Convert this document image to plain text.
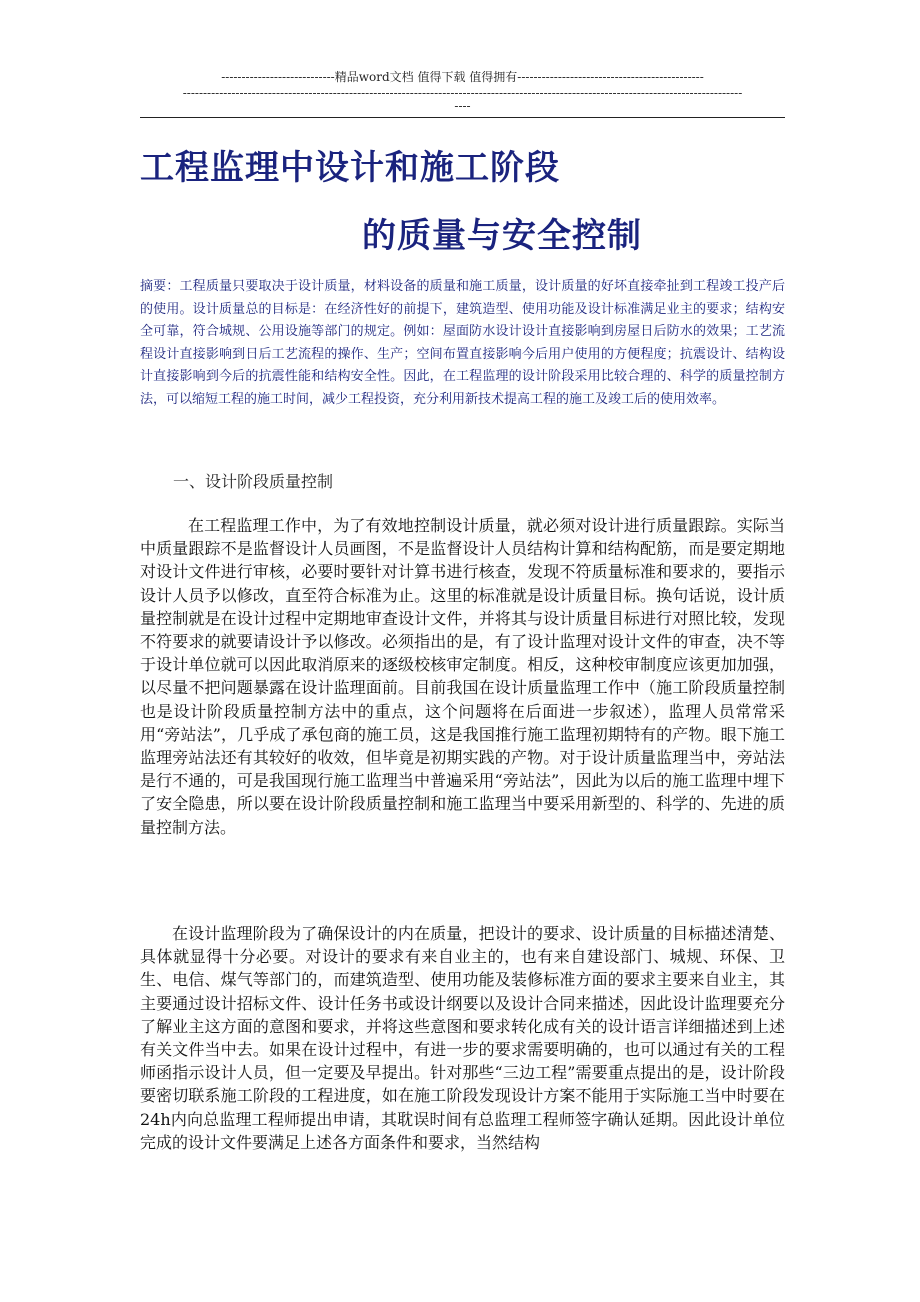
----------------------------精品word文档 值得下载 值得拥有----------------------------------------------
------------------------------------------------------------------------------------------------------------------------------------------
----
工程监理中设计和施工阶段
的质量与安全控制
摘要：工程质量只要取决于设计质量，材料设备的质量和施工质量，设计质量的好坏直接牵扯到工程竣工投产后的使用。设计质量总的目标是：在经济性好的前提下，建筑造型、使用功能及设计标准满足业主的要求；结构安全可靠，符合城规、公用设施等部门的规定。例如：屋面防水设计设计直接影响到房屋日后防水的效果；工艺流程设计直接影响到日后工艺流程的操作、生产；空间布置直接影响今后用户使用的方便程度；抗震设计、结构设计直接影响到今后的抗震性能和结构安全性。因此，在工程监理的设计阶段采用比较合理的、科学的质量控制方法，可以缩短工程的施工时间，减少工程投资，充分利用新技术提高工程的施工及竣工后的使用效率。
一、设计阶段质量控制
在工程监理工作中，为了有效地控制设计质量，就必须对设计进行质量跟踪。实际当中质量跟踪不是监督设计人员画图，不是监督设计人员结构计算和结构配筋，而是要定期地对设计文件进行审核，必要时要针对计算书进行核查，发现不符质量标准和要求的，要指示设计人员予以修改，直至符合标准为止。这里的标准就是设计质量目标。换句话说，设计质量控制就是在设计过程中定期地审查设计文件，并将其与设计质量目标进行对照比较，发现不符要求的就要请设计予以修改。必须指出的是，有了设计监理对设计文件的审查，决不等于设计单位就可以因此取消原来的逐级校核审定制度。相反，这种校审制度应该更加加强，以尽量不把问题暴露在设计监理面前。目前我国在设计质量监理工作中（施工阶段质量控制也是设计阶段质量控制方法中的重点，这个问题将在后面进一步叙述），监理人员常常采用“旁站法”，几乎成了承包商的施工员，这是我国推行施工监理初期特有的产物。眼下施工监理旁站法还有其较好的收效，但毕竟是初期实践的产物。对于设计质量监理当中，旁站法是行不通的，可是我国现行施工监理当中普遍采用“旁站法”，因此为以后的施工监理中埋下了安全隐患，所以要在设计阶段质量控制和施工监理当中要采用新型的、科学的、先进的质量控制方法。
在设计监理阶段为了确保设计的内在质量，把设计的要求、设计质量的目标描述清楚、具体就显得十分必要。对设计的要求有来自业主的，也有来自建设部门、城规、环保、卫生、电信、煤气等部门的，而建筑造型、使用功能及装修标准方面的要求主要来自业主，其主要通过设计招标文件、设计任务书或设计纲要以及设计合同来描述，因此设计监理要充分了解业主这方面的意图和要求，并将这些意图和要求转化成有关的设计语言详细描述到上述有关文件当中去。如果在设计过程中，有进一步的要求需要明确的，也可以通过有关的工程师函指示设计人员，但一定要及早提出。针对那些“三边工程”需要重点提出的是，设计阶段要密切联系施工阶段的工程进度，如在施工阶段发现设计方案不能用于实际施工当中时要在24h内向总监理工程师提出申请，其耽误时间有总监理工程师签字确认延期。因此设计单位完成的设计文件要满足上述各方面条件和要求，当然结构
